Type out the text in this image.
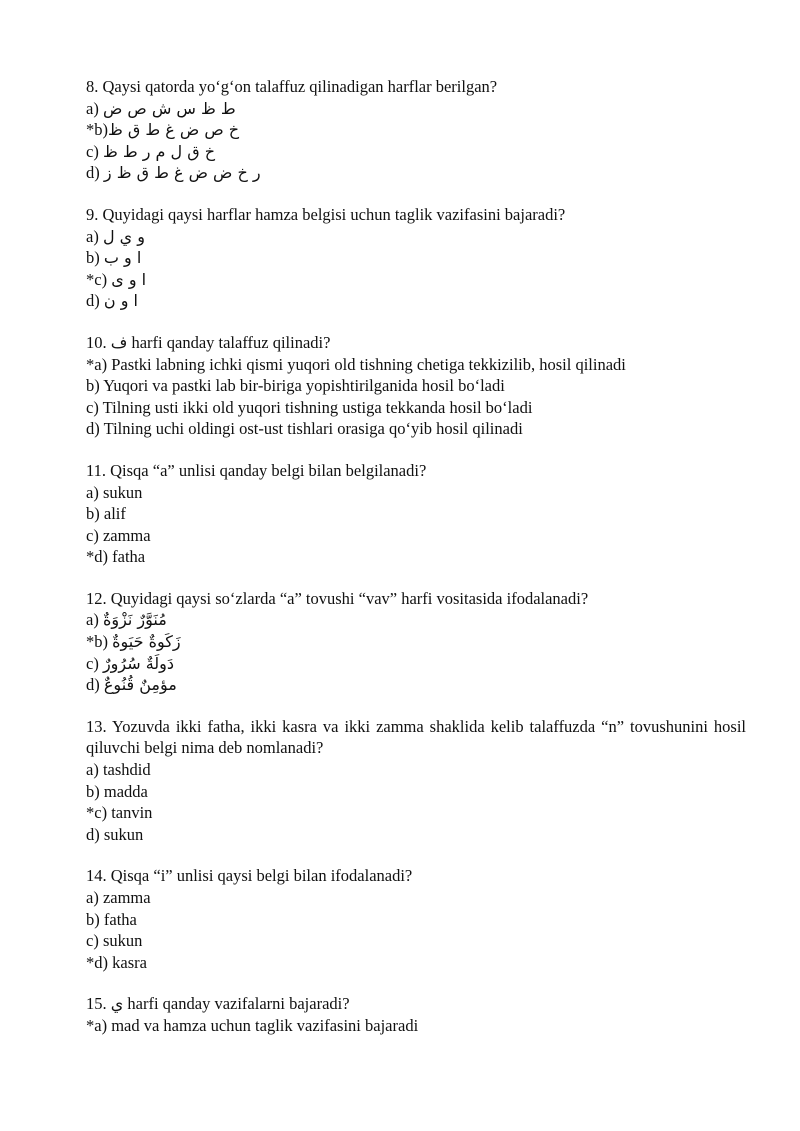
8. Qaysi qatorda yo‘g‘on talaffuz qilinadigan harflar berilgan?
a) ط ظ س ش ص ض
*b)خ ص ض غ ط ق ظ
c) خ ق ل م ر ط ظ
d) ر خ ض ض غ ط ق ظ ز
9. Quyidagi qaysi harflar hamza belgisi uchun taglik vazifasini bajaradi?
a) و ي ل
b) ا و ب
*c) ا و ى
d) ا و ن
10. ف harfi qanday talaffuz qilinadi?
*a) Pastki labning ichki qismi yuqori old tishning chetiga tekkizilib, hosil qilinadi
b) Yuqori va pastki lab bir-biriga yopishtirilganida hosil bo‘ladi
c) Tilning usti ikki old yuqori tishning ustiga tekkanda hosil bo‘ladi
d) Tilning uchi oldingi ost-ust tishlari orasiga qo‘yib hosil qilinadi
11. Qisqa “a” unlisi qanday belgi bilan belgilanadi?
a) sukun
b) alif
c) zamma
*d) fatha
12. Quyidagi qaysi so‘zlarda “a” tovushi “vav” harfi vositasida ifodalanadi?
a) مُنَوَّرٌ نَزْوَةٌ
*b) زَكَوةٌ حَيَوةٌ
c) دَولَةٌ سُرُورٌ
d) مؤمِنٌ قُنُوعٌ
13. Yozuvda ikki fatha, ikki kasra va ikki zamma shaklida kelib talaffuzda “n” tovushunini hosil qiluvchi belgi nima deb nomlanadi?
a) tashdid
b) madda
*c) tanvin
d) sukun
14. Qisqa “i” unlisi qaysi belgi bilan ifodalanadi?
a) zamma
b) fatha
c) sukun
*d) kasra
15. ي harfi qanday vazifalarni bajaradi?
*a) mad va hamza uchun taglik vazifasini bajaradi
